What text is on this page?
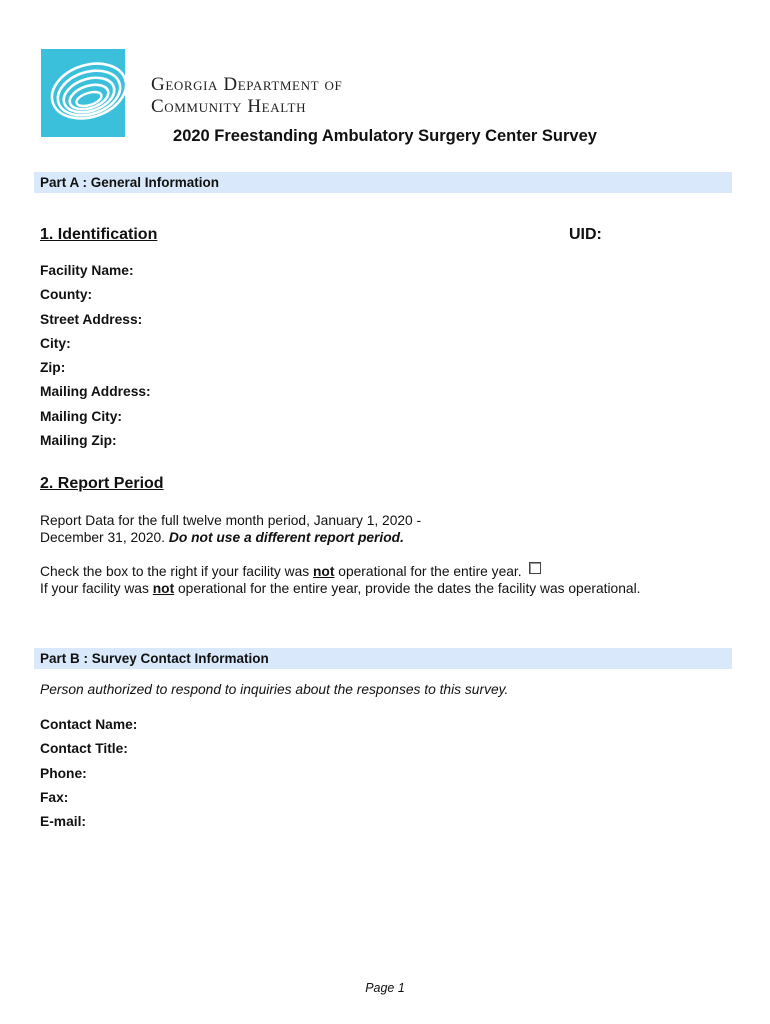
Georgia Department of
Community Health
2020 Freestanding Ambulatory Surgery Center Survey
Part A : General Information
1. Identification	UID:
Facility Name:
County:
Street Address:
City:
Zip:
Mailing Address:
Mailing City:
Mailing Zip:
2. Report Period
Report Data for the full twelve month period, January 1, 2020 -
December 31, 2020. Do not use a different report period.
Check the box to the right if your facility was not operational for the entire year.
If your facility was not operational for the entire year, provide the dates the facility was operational.
Part B : Survey Contact Information
Person authorized to respond to inquiries about the responses to this survey.
Contact Name:
Contact Title:
Phone:
Fax:
E-mail:
Page 1
